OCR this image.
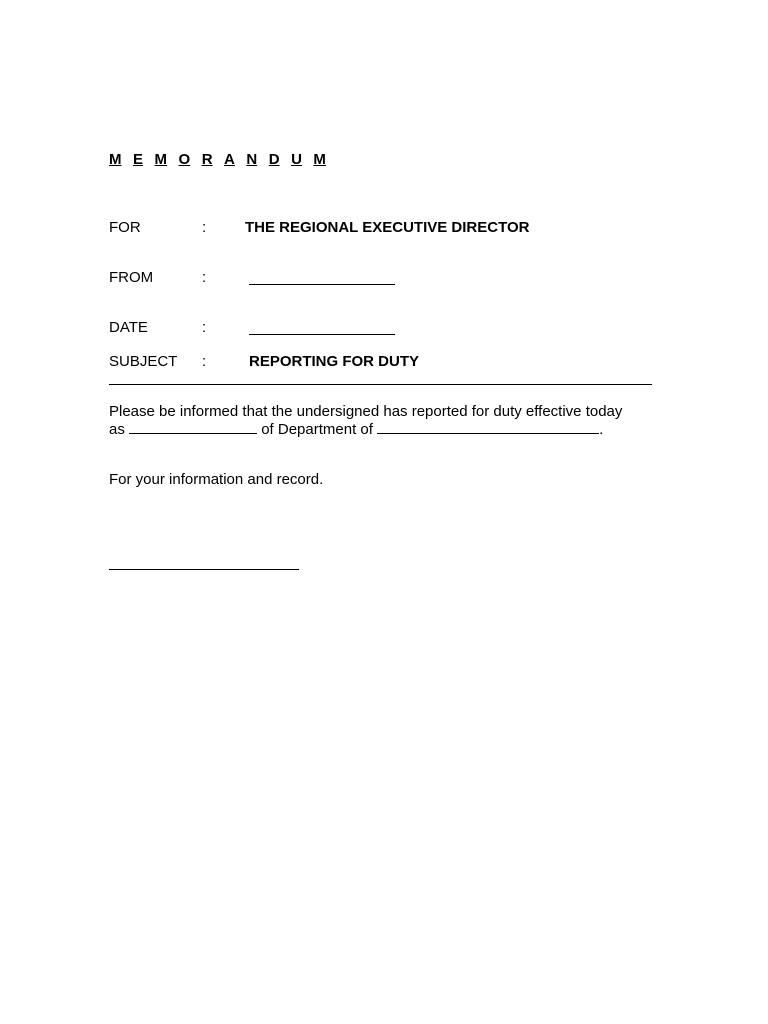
M E M O R A N D U M
FOR	:	THE REGIONAL EXECUTIVE DIRECTOR
FROM	:
DATE	:
SUBJECT :	REPORTING FOR DUTY
Please be informed that the undersigned has reported for duty effective today
as	of Department of	.
For your information and record.
